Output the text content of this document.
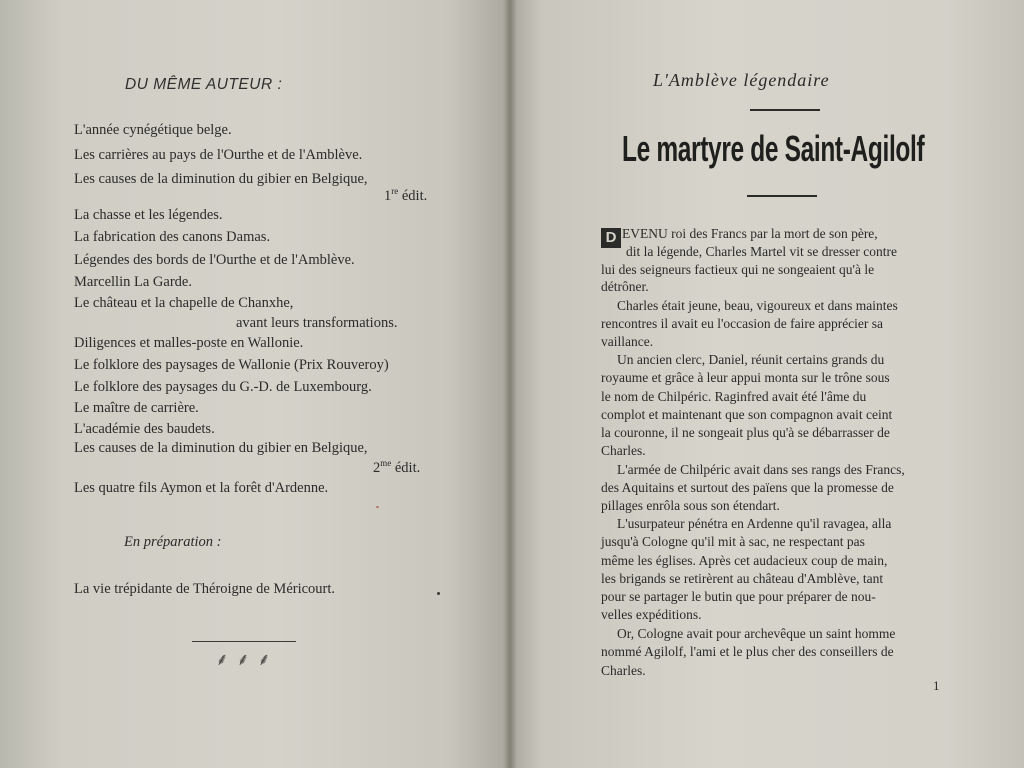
DU MÊME AUTEUR :
L'année cynégétique belge.
Les carrières au pays de l'Ourthe et de l'Amblève.
Les causes de la diminution du gibier en Belgique,
1re édit.
La chasse et les légendes.
La fabrication des canons Damas.
Légendes des bords de l'Ourthe et de l'Amblève.
Marcellin La Garde.
Le château et la chapelle de Chanxhe,
avant leurs transformations.
Diligences et malles-poste en Wallonie.
Le folklore des paysages de Wallonie (Prix Rouveroy)
Le folklore des paysages du G.-D. de Luxembourg.
Le maître de carrière.
L'académie des baudets.
Les causes de la diminution du gibier en Belgique,
$2^{me}$ édit.
Les quatre fils Aymon et la forêt d'Ardenne.
En préparation :
La vie trépidante de Théroigne de Méricourt.
⸙ ⸙ ⸙
L'Amblève légendaire
Le martyre de Saint-Agilolf
D EVENU roi des Francs par la mort de son père,
dit la légende, Charles Martel vit se dresser contre
lui des seigneurs factieux qui ne songeaient qu'à le
détrôner.
Charles était jeune, beau, vigoureux et dans maintes
rencontres il avait eu l'occasion de faire apprécier sa
vaillance.
Un ancien clerc, Daniel, réunit certains grands du
royaume et grâce à leur appui monta sur le trône sous
le nom de Chilpéric. Raginfred avait été l'âme du
complot et maintenant que son compagnon avait ceint
la couronne, il ne songeait plus qu'à se débarrasser de
Charles.
L'armée de Chilpéric avait dans ses rangs des Francs,
des Aquitains et surtout des païens que la promesse de
pillages enrôla sous son étendart.
L'usurpateur pénétra en Ardenne qu'il ravagea, alla
jusqu'à Cologne qu'il mit à sac, ne respectant pas
même les églises. Après cet audacieux coup de main,
les brigands se retirèrent au château d'Amblève, tant
pour se partager le butin que pour préparer de nou-
velles expéditions.
Or, Cologne avait pour archevêque un saint homme
nommé Agilolf, l'ami et le plus cher des conseillers de
Charles.
1
